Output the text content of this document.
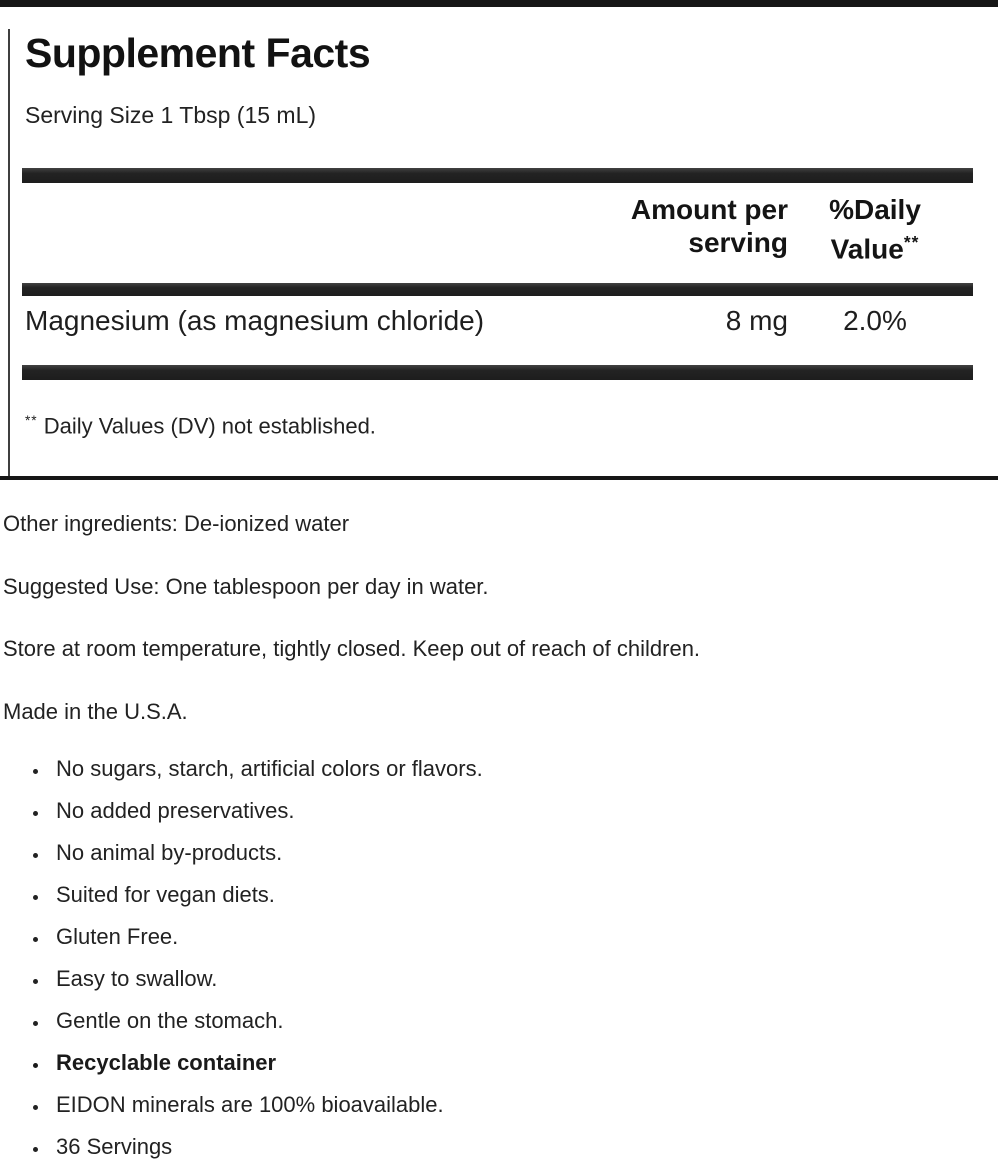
Supplement Facts
Serving Size 1 Tbsp (15 mL)
Amount per
serving
%Daily
Value**
Magnesium (as magnesium chloride)	8 mg	2.0%
** Daily Values (DV) not established.

Other ingredients: De-ionized water

Suggested Use: One tablespoon per day in water.

Store at room temperature, tightly closed. Keep out of reach of children.

Made in the U.S.A.

• No sugars, starch, artificial colors or flavors.
• No added preservatives.
• No animal by-products.
• Suited for vegan diets.
• Gluten Free.
• Easy to swallow.
• Gentle on the stomach.
• Recyclable container
• EIDON minerals are 100% bioavailable.
• 36 Servings
